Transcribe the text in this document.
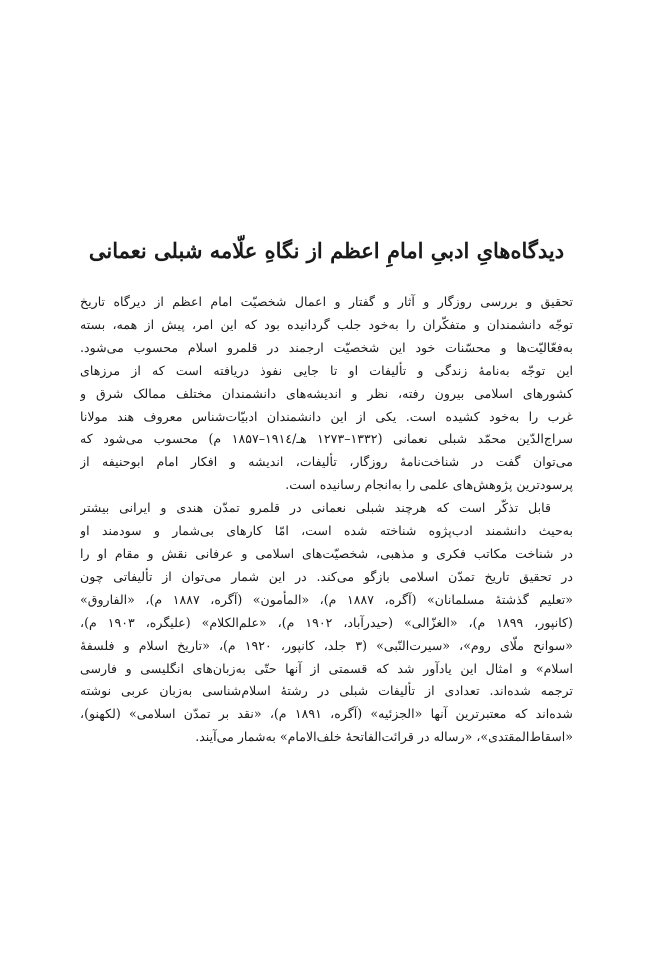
دیدگاه‌هایِ ادبیِ امامِ اعظم از نگاهِ علّامه شبلی نعمانی

تحقیق و بررسی روزگار و آثار و گفتار و اعمال شخصیّت امام اعظم از دیرگاه تاریخ
توجّه دانشمندان و متفکّران را به‌خود جلب گردانیده بود که این امر، پیش از همه، بسته
به‌فعّالیّت‌ها و محسّنات خود این شخصیّت ارجمند در قلمرو اسلام محسوب می‌شود.
این توجّه به‌نامهٔ زندگی و تألیفات او تا جایی نفوذ دریافته است که از مرزهای
کشورهای اسلامی بیرون رفته، نظر و اندیشه‌های دانشمندان مختلف ممالک شرق و
غرب را به‌خود کشیده است. یکی از این دانشمندان ادبیّات‌شناس معروف هند مولانا
سراج‌الدّین محمّد شبلی نعمانی (۱۳۳۲–۱۲۷۳ هـ/۱۹۱٤–۱۸۵۷ م) محسوب می‌شود که
می‌توان گفت در شناخت‌نامهٔ روزگار، تألیفات، اندیشه و افکار امام ابوحنیفه از
پرسودترین پژوهش‌های علمی را به‌انجام رسانیده است.

قابل تذکّر است که هرچند شبلی نعمانی در قلمرو تمدّن هندی و ایرانی بیشتر
به‌حیث دانشمند ادب‌پژوه شناخته شده است، امّا کارهای بی‌شمار و سودمند او
در شناخت مکاتب فکری و مذهبی، شخصیّت‌های اسلامی و عرفانی نقش و مقام او را
در تحقیق تاریخ تمدّن اسلامی بازگو می‌کند. در این شمار می‌توان از تألیفاتی چون
«تعلیم گذشتهٔ مسلمانان» (آگره، ۱۸۸۷ م)، «المأمون» (آگره، ۱۸۸۷ م)، «الفاروق»
(کانپور، ۱۸۹۹ م)، «الغزّالی» (حیدرآباد، ۱۹۰۲ م)، «علم‌الکلام» (علیگره، ۱۹۰۳ م)،
«سوانح ملّای روم»، «سیرت‌النّبی» (۳ جلد، کانپور، ۱۹۲۰ م)، «تاریخ اسلام و فلسفهٔ
اسلام» و امثال این یادآور شد که قسمتی از آنها حتّی به‌زبان‌های انگلیسی و فارسی
ترجمه شده‌اند. تعدادی از تألیفات شبلی در رشتهٔ اسلام‌شناسی به‌زبان عربی نوشته
شده‌اند که معتبرترین آنها «الجزئیه» (آگره، ۱۸۹۱ م)، «نقد بر تمدّن اسلامی» (لکهنو)،
«اسقاط‌المقتدی»، «رساله در قرائت‌الفاتحهٔ خلف‌الامام» به‌شمار می‌آیند.
